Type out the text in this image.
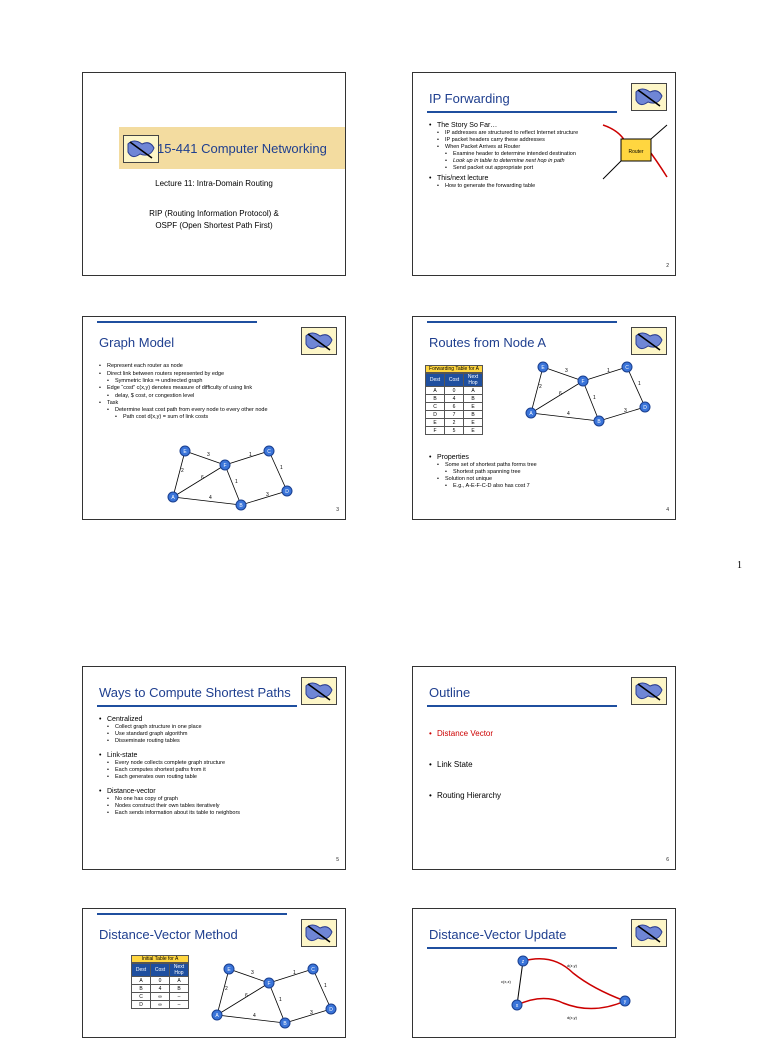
15-441 Computer Networking
Lecture 11: Intra-Domain Routing
RIP (Routing Information Protocol) &
OSPF (Open Shortest Path First)
IP Forwarding
• The Story So Far…
• IP addresses are structured to reflect Internet structure
• IP packet headers carry these addresses
• When Packet Arrives at Router
• Examine header to determine intended destination
• Look up in table to determine next hop in path
• Send packet out appropriate port
• This/next lecture
• How to generate the forwarding table
Router
2
Graph Model
• Represent each router as node
• Direct link between routers represented by edge
• Symmetric links ⇒ undirected graph
• Edge “cost” c(x,y) denotes measure of difficulty of using link
• delay, $ cost, or congestion level
• Task
• Determine least cost path from every node to every other node
• Path cost d(x,y) = sum of link costs
2
3	1
6
4
1
3
1
A
E
F
C
B
D
3
Routes from Node A
Forwarding Table for A
Dest	Cost	Next Hop
A	0	A
B	4	B
C	6	E
D	7	B
E	2	E
F	5	E
2
3	1
6
4
1
3
1
A
E
F
C
B
D
• Properties
• Some set of shortest paths forms tree
• Shortest path spanning tree
• Solution not unique
• E.g., A-E-F-C-D also has cost 7
4
1
Ways to Compute Shortest Paths
• Centralized
• Collect graph structure in one place
• Use standard graph algorithm
• Disseminate routing tables
• Link-state
• Every node collects complete graph structure
• Each computes shortest paths from it
• Each generates own routing table
• Distance-vector
• No one has copy of graph
• Nodes construct their own tables iteratively
• Each sends information about its table to neighbors
5
Outline
• Distance Vector
• Link State
• Routing Hierarchy
6
Distance-Vector Method
Initial Table for A
Dest	Cost	Next Hop
A	0	A
B	4	B
C	∞	–
D	∞	–
2
3	1
6
4
1
3
1
A
E
F
C
B
D
Distance-Vector Update
z
x
y
c(x,z)
d(z,y)
d(x,y)
